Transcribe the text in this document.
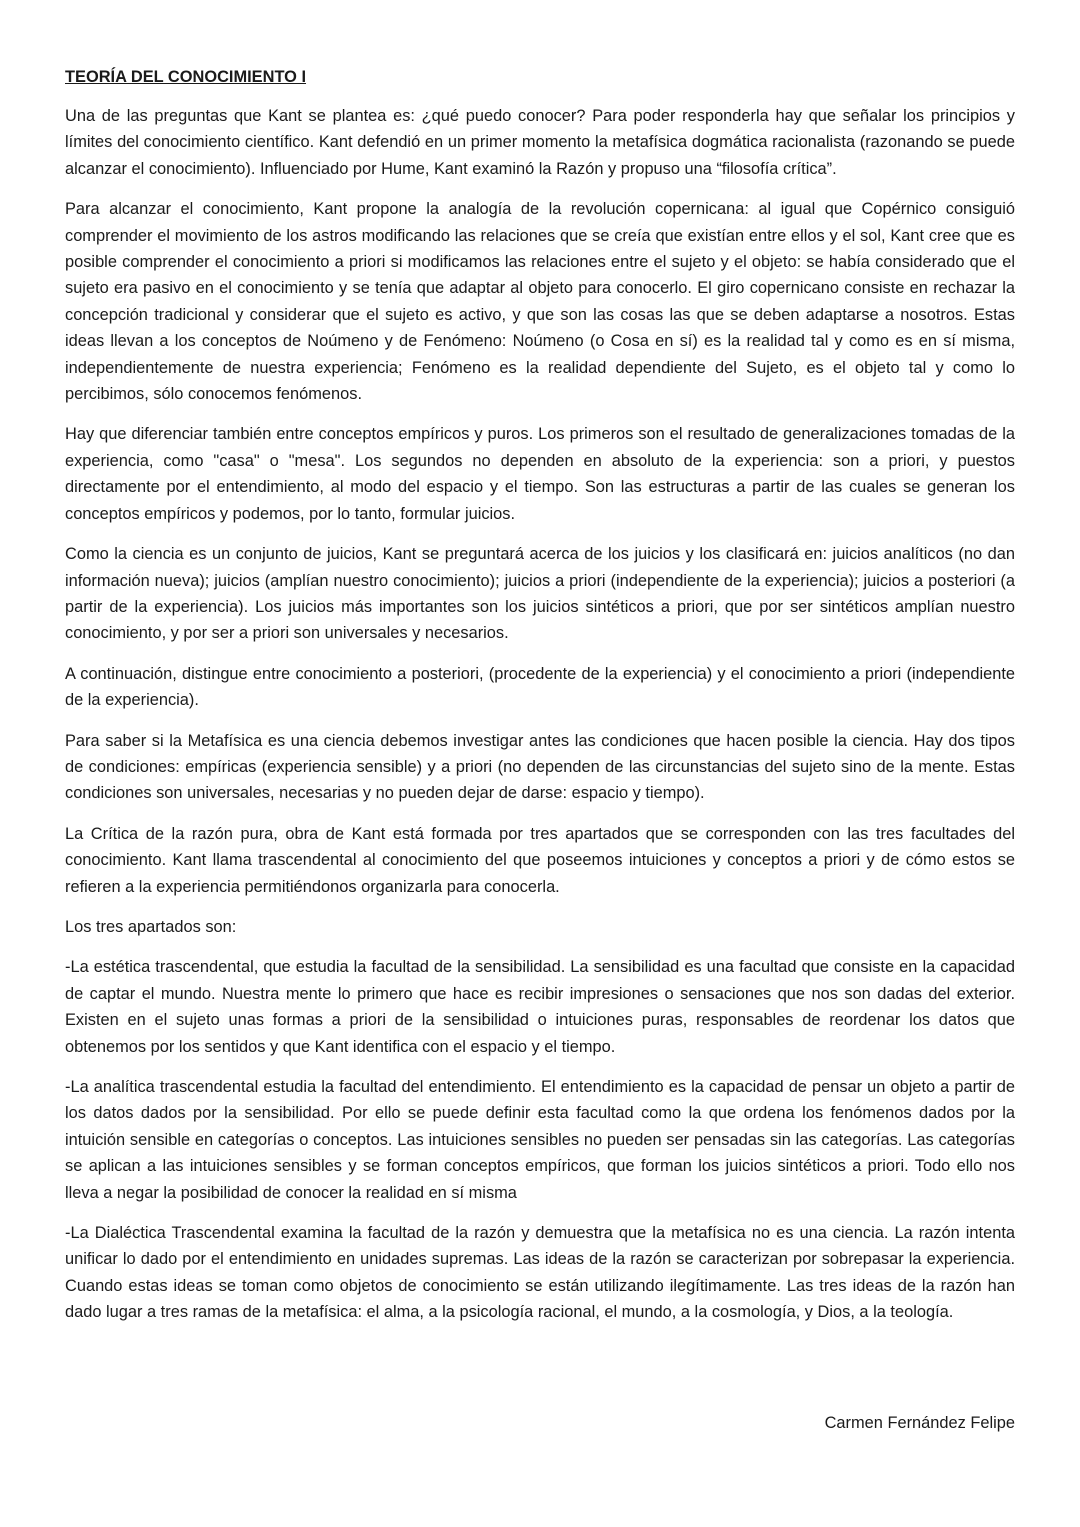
TEORÍA DEL CONOCIMIENTO I

Una de las preguntas que Kant se plantea es: ¿qué puedo conocer? Para poder responderla hay que señalar los principios y límites del conocimiento científico. Kant defendió en un primer momento la metafísica dogmática racionalista (razonando se puede alcanzar el conocimiento). Influenciado por Hume, Kant examinó la Razón y propuso una “filosofía crítica”.

Para alcanzar el conocimiento, Kant propone la analogía de la revolución copernicana: al igual que Copérnico consiguió comprender el movimiento de los astros modificando las relaciones que se creía que existían entre ellos y el sol, Kant cree que es posible comprender el conocimiento a priori si modificamos las relaciones entre el sujeto y el objeto: se había considerado que el sujeto era pasivo en el conocimiento y se tenía que adaptar al objeto para conocerlo. El giro copernicano consiste en rechazar la concepción tradicional y considerar que el sujeto es activo, y que son las cosas las que se deben adaptarse a nosotros. Estas ideas llevan a los conceptos de Noúmeno y de Fenómeno: Noúmeno (o Cosa en sí) es la realidad tal y como es en sí misma, independientemente de nuestra experiencia; Fenómeno es la realidad dependiente del Sujeto, es el objeto tal y como lo percibimos, sólo conocemos fenómenos.

Hay que diferenciar también entre conceptos empíricos y puros. Los primeros son el resultado de generalizaciones tomadas de la experiencia, como "casa" o "mesa". Los segundos no dependen en absoluto de la experiencia: son a priori, y puestos directamente por el entendimiento, al modo del espacio y el tiempo. Son las estructuras a partir de las cuales se generan los conceptos empíricos y podemos, por lo tanto, formular juicios.

Como la ciencia es un conjunto de juicios, Kant se preguntará acerca de los juicios y los clasificará en: juicios analíticos (no dan información nueva); juicios (amplían nuestro conocimiento); juicios a priori (independiente de la experiencia); juicios a posteriori (a partir de la experiencia). Los juicios más importantes son los juicios sintéticos a priori, que por ser sintéticos amplían nuestro conocimiento, y por ser a priori son universales y necesarios.

A continuación, distingue entre conocimiento a posteriori, (procedente de la experiencia) y el conocimiento a priori (independiente de la experiencia).

Para saber si la Metafísica es una ciencia debemos investigar antes las condiciones que hacen posible la ciencia. Hay dos tipos de condiciones: empíricas (experiencia sensible) y a priori (no dependen de las circunstancias del sujeto sino de la mente. Estas condiciones son universales, necesarias y no pueden dejar de darse: espacio y tiempo).

La Crítica de la razón pura, obra de Kant está formada por tres apartados que se corresponden con las tres facultades del conocimiento. Kant llama trascendental al conocimiento del que poseemos intuiciones y conceptos a priori y de cómo estos se refieren a la experiencia permitiéndonos organizarla para conocerla.

Los tres apartados son:

-La estética trascendental, que estudia la facultad de la sensibilidad. La sensibilidad es una facultad que consiste en la capacidad de captar el mundo. Nuestra mente lo primero que hace es recibir impresiones o sensaciones que nos son dadas del exterior. Existen en el sujeto unas formas a priori de la sensibilidad o intuiciones puras, responsables de reordenar los datos que obtenemos por los sentidos y que Kant identifica con el espacio y el tiempo.

-La analítica trascendental estudia la facultad del entendimiento. El entendimiento es la capacidad de pensar un objeto a partir de los datos dados por la sensibilidad. Por ello se puede definir esta facultad como la que ordena los fenómenos dados por la intuición sensible en categorías o conceptos. Las intuiciones sensibles no pueden ser pensadas sin las categorías. Las categorías se aplican a las intuiciones sensibles y se forman conceptos empíricos, que forman los juicios sintéticos a priori. Todo ello nos lleva a negar la posibilidad de conocer la realidad en sí misma

-La Dialéctica Trascendental examina la facultad de la razón y demuestra que la metafísica no es una ciencia. La razón intenta unificar lo dado por el entendimiento en unidades supremas. Las ideas de la razón se caracterizan por sobrepasar la experiencia. Cuando estas ideas se toman como objetos de conocimiento se están utilizando ilegítimamente. Las tres ideas de la razón han dado lugar a tres ramas de la metafísica: el alma, a la psicología racional, el mundo, a la cosmología, y Dios, a la teología.

Carmen Fernández Felipe
